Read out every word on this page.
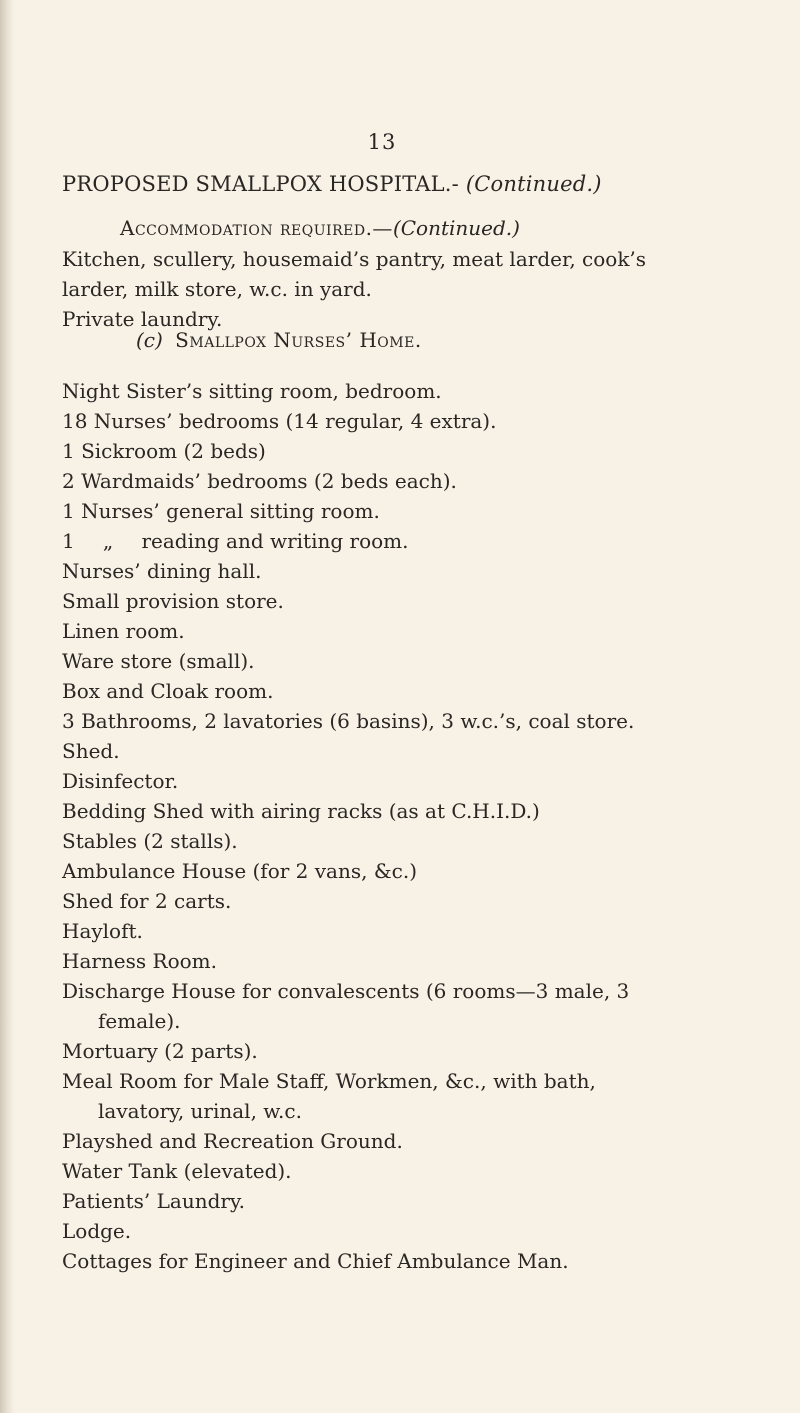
13
PROPOSED SMALLPOX HOSPITAL.- (Continued.)
Accommodation required.—(Continued.)
Kitchen, scullery, housemaid’s pantry, meat larder, cook’s
larder, milk store, w.c. in yard.
Private laundry.
(c) Smallpox Nurses’ Home.
Night Sister’s sitting room, bedroom.
18 Nurses’ bedrooms (14 regular, 4 extra).
1 Sickroom (2 beds)
2 Wardmaids’ bedrooms (2 beds each).
1 Nurses’ general sitting room.
1 „ reading and writing room.
Nurses’ dining hall.
Small provision store.
Linen room.
Ware store (small).
Box and Cloak room.
3 Bathrooms, 2 lavatories (6 basins), 3 w.c.’s, coal store.
Shed.
Disinfector.
Bedding Shed with airing racks (as at C.H.I.D.)
Stables (2 stalls).
Ambulance House (for 2 vans, &c.)
Shed for 2 carts.
Hayloft.
Harness Room.
Discharge House for convalescents (6 rooms—3 male, 3
female).
Mortuary (2 parts).
Meal Room for Male Staff, Workmen, &c., with bath,
lavatory, urinal, w.c.
Playshed and Recreation Ground.
Water Tank (elevated).
Patients’ Laundry.
Lodge.
Cottages for Engineer and Chief Ambulance Man.
